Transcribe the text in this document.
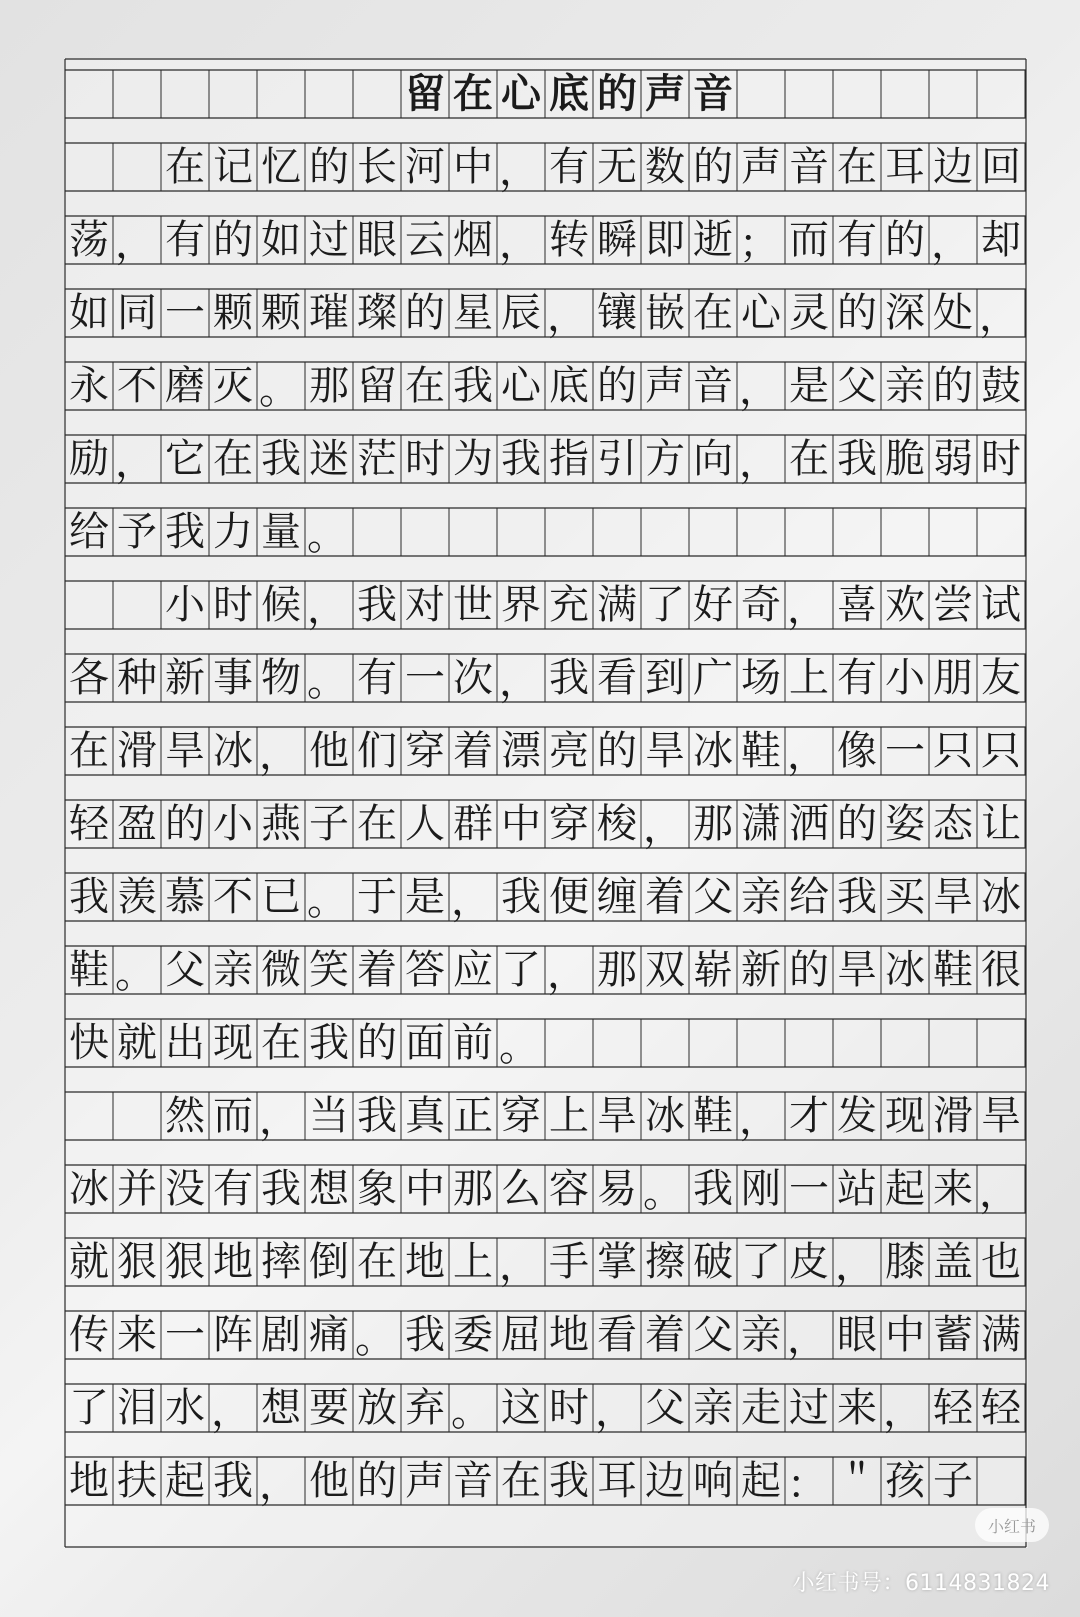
留 在 心 底 的 声 音
在 记 忆 的 长 河 中 ， 有 无 数 的 声 音 在 耳 边 回
荡 ， 有 的 如 过 眼 云 烟 ， 转 瞬 即 逝 ； 而 有 的 ， 却
如 同 一 颗 颗 璀 璨 的 星 辰 ， 镶 嵌 在 心 灵 的 深 处 ，
永 不 磨 灭 。 那 留 在 我 心 底 的 声 音 ， 是 父 亲 的 鼓
励 ， 它 在 我 迷 茫 时 为 我 指 引 方 向 ， 在 我 脆 弱 时
给 予 我 力 量 。
小 时 候 ， 我 对 世 界 充 满 了 好 奇 ， 喜 欢 尝 试
各 种 新 事 物 。 有 一 次 ， 我 看 到 广 场 上 有 小 朋 友
在 滑 旱 冰 ， 他 们 穿 着 漂 亮 的 旱 冰 鞋 ， 像 一 只 只
轻 盈 的 小 燕 子 在 人 群 中 穿 梭 ， 那 潇 洒 的 姿 态 让
我 羡 慕 不 已 。 于 是 ， 我 便 缠 着 父 亲 给 我 买 旱 冰
鞋 。 父 亲 微 笑 着 答 应 了 ， 那 双 崭 新 的 旱 冰 鞋 很
快 就 出 现 在 我 的 面 前 。
然 而 ， 当 我 真 正 穿 上 旱 冰 鞋 ， 才 发 现 滑 旱
冰 并 没 有 我 想 象 中 那 么 容 易 。 我 刚 一 站 起 来 ，
就 狠 狠 地 摔 倒 在 地 上 ， 手 掌 擦 破 了 皮 ， 膝 盖 也
传 来 一 阵 剧 痛 。 我 委 屈 地 看 着 父 亲 ， 眼 中 蓄 满
了 泪 水 ， 想 要 放 弃 。 这 时 ， 父 亲 走 过 来 ， 轻 轻
地 扶 起 我 ， 他 的 声 音 在 我 耳 边 响 起 ： ＂ 孩 子
小红书
小红书号：6114831824
